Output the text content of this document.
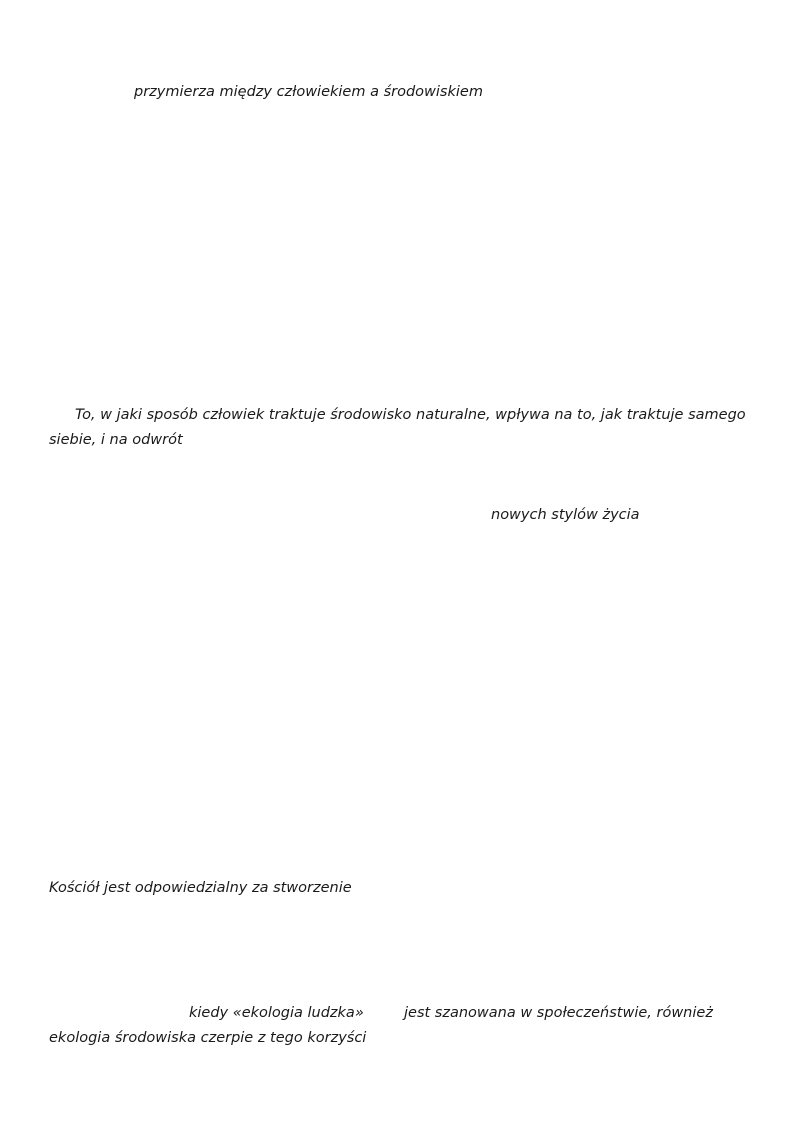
przymierza między człowiekiem a środowiskiem

To, w jaki sposób człowiek traktuje środowisko naturalne, wpływa na to, jak traktuje samego

siebie, i na odwrót

nowych stylów życia

Kościół jest odpowiedzialny za stworzenie

kiedy «ekologia ludzka»	jest szanowana w społeczeństwie, również

ekologia środowiska czerpie z tego korzyści
